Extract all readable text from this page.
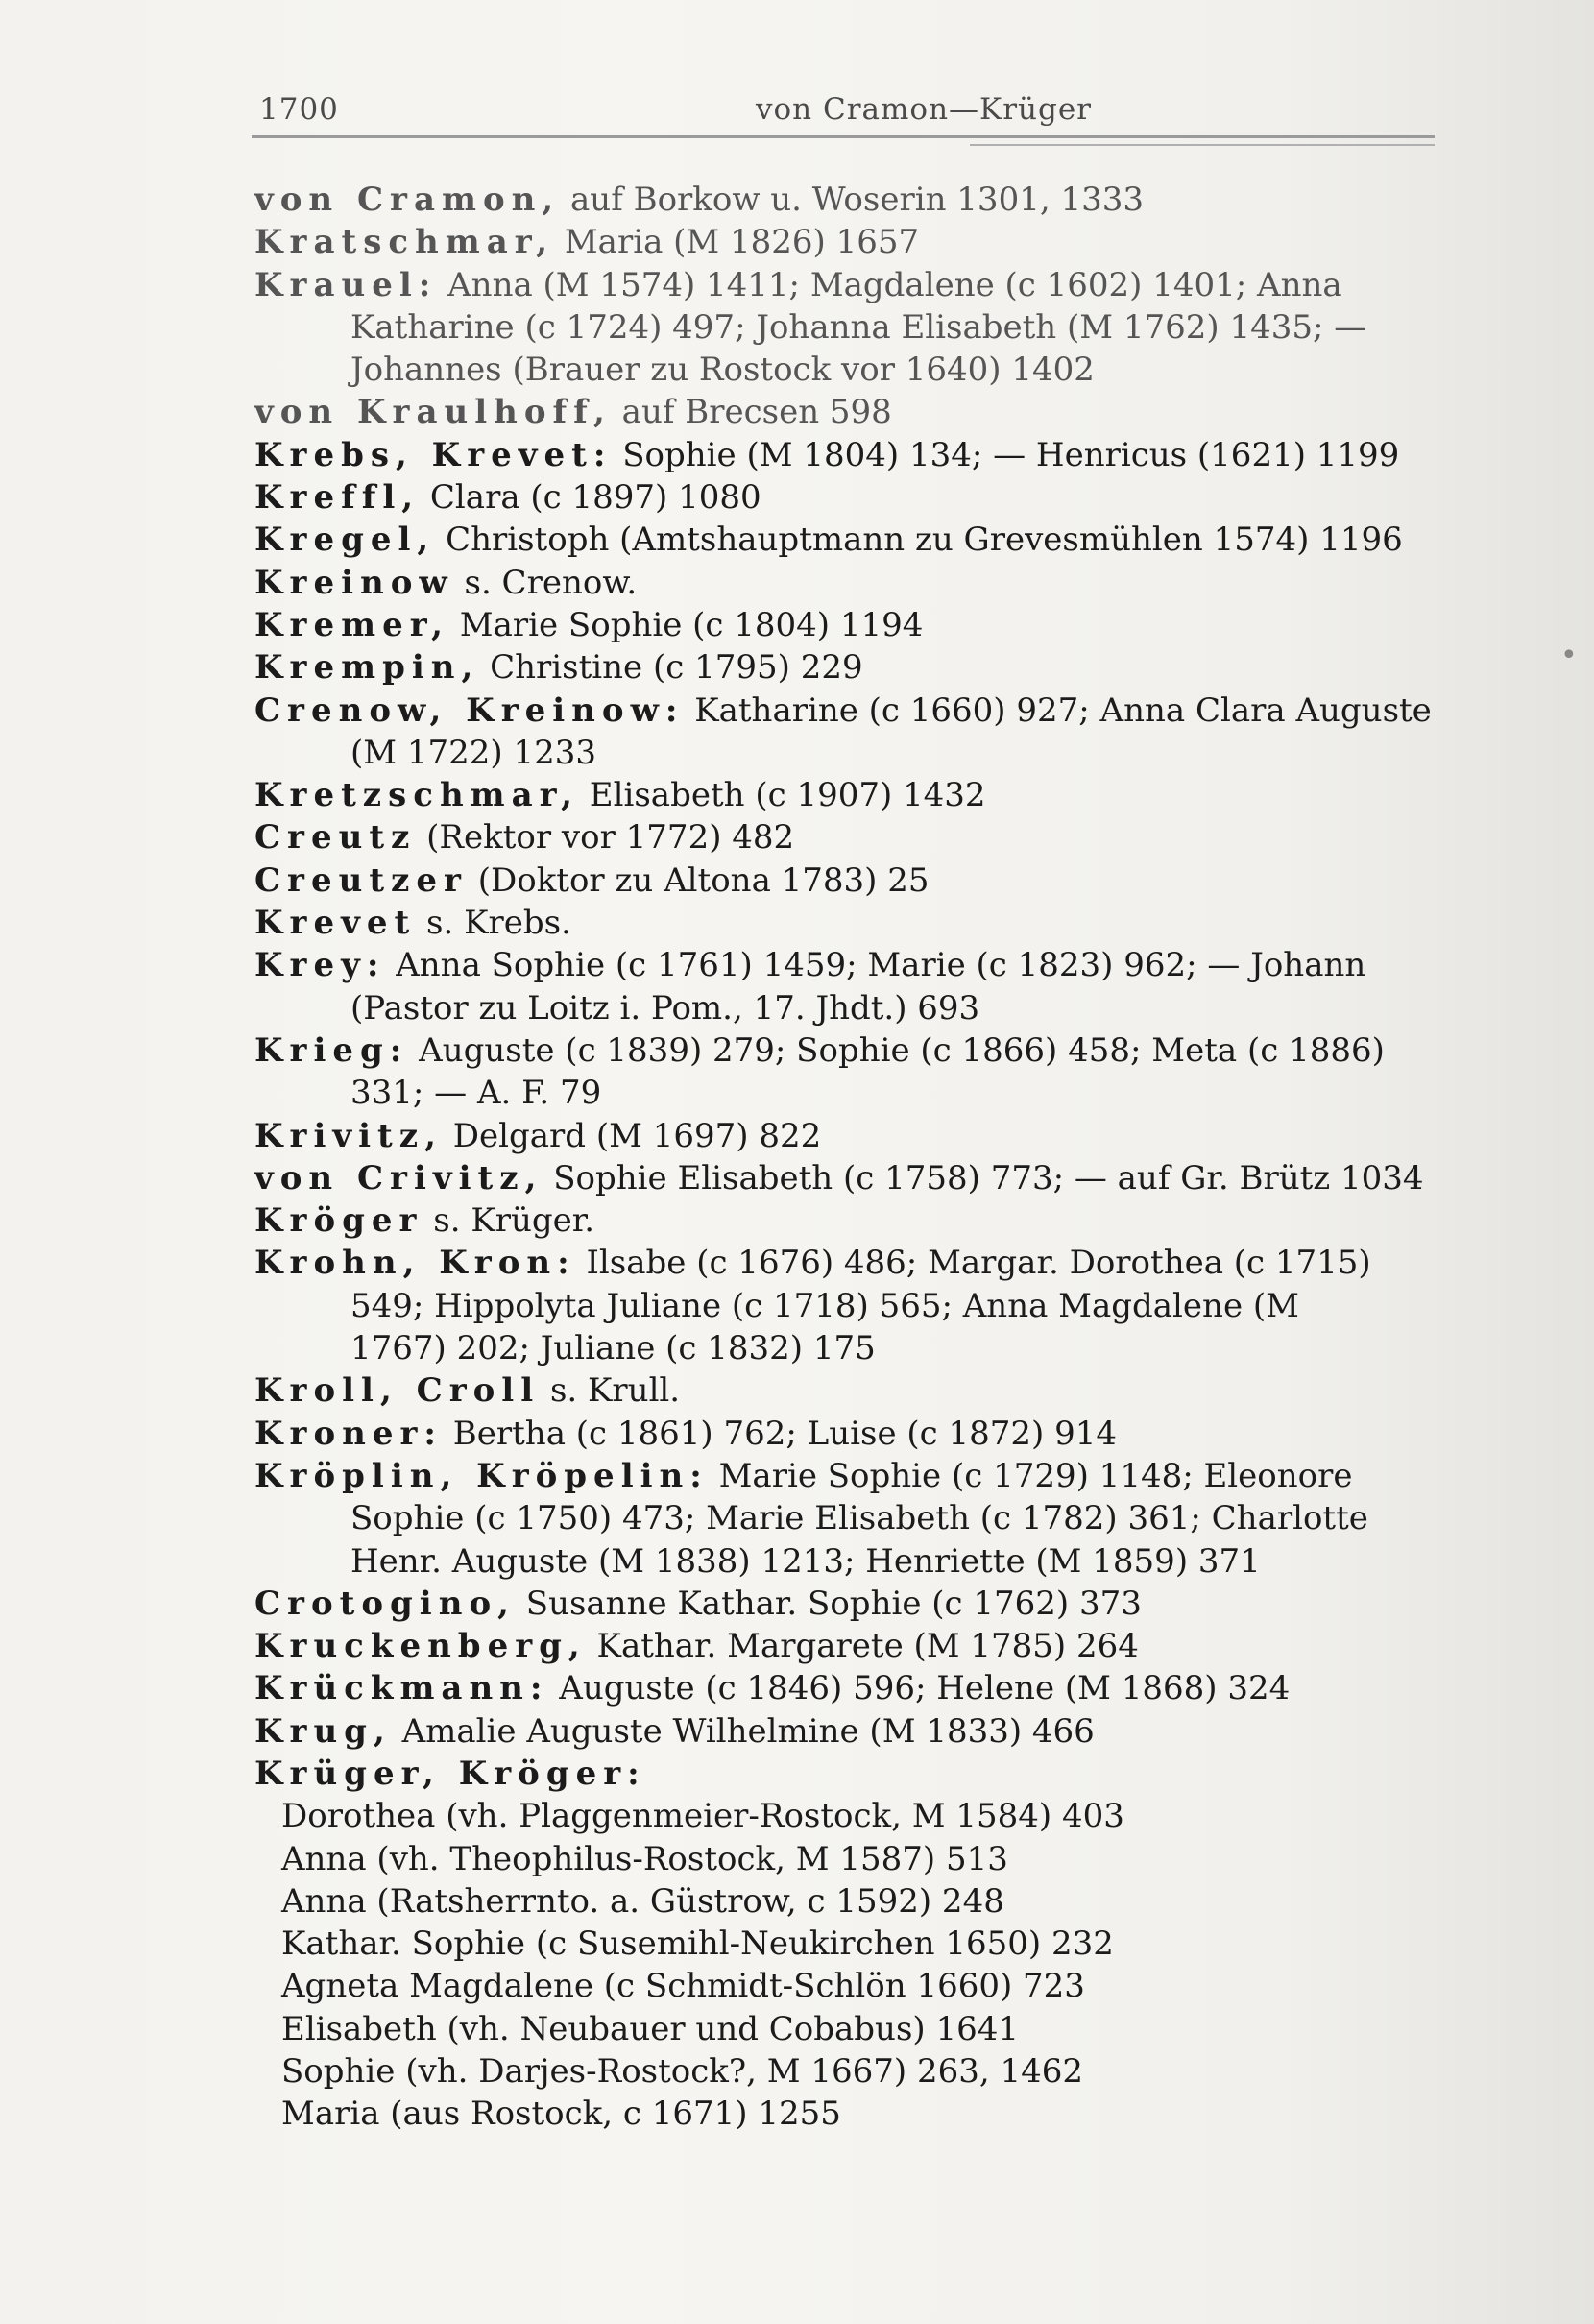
1700	von Cramon—Krüger
von Cramon, auf Borkow u. Woserin 1301, 1333
Kratschmar, Maria (M 1826) 1657
Krauel: Anna (M 1574) 1411; Magdalene (c 1602) 1401; Anna
Katharine (c 1724) 497; Johanna Elisabeth (M 1762) 1435; —
Johannes (Brauer zu Rostock vor 1640) 1402
von Kraulhoff, auf Brecsen 598
Krebs, Krevet: Sophie (M 1804) 134; — Henricus (1621) 1199
Kreffl, Clara (c 1897) 1080
Kregel, Christoph (Amtshauptmann zu Grevesmühlen 1574) 1196
Kreinow s. Crenow.
Kremer, Marie Sophie (c 1804) 1194
Krempin, Christine (c 1795) 229
Crenow, Kreinow: Katharine (c 1660) 927; Anna Clara Auguste
(M 1722) 1233
Kretzschmar, Elisabeth (c 1907) 1432
Creutz (Rektor vor 1772) 482
Creutzer (Doktor zu Altona 1783) 25
Krevet s. Krebs.
Krey: Anna Sophie (c 1761) 1459; Marie (c 1823) 962; — Johann
(Pastor zu Loitz i. Pom., 17. Jhdt.) 693
Krieg: Auguste (c 1839) 279; Sophie (c 1866) 458; Meta (c 1886)
331; — A. F. 79
Krivitz, Delgard (M 1697) 822
von Crivitz, Sophie Elisabeth (c 1758) 773; — auf Gr. Brütz 1034
Kröger s. Krüger.
Krohn, Kron: Ilsabe (c 1676) 486; Margar. Dorothea (c 1715)
549; Hippolyta Juliane (c 1718) 565; Anna Magdalene (M
1767) 202; Juliane (c 1832) 175
Kroll, Croll s. Krull.
Kroner: Bertha (c 1861) 762; Luise (c 1872) 914
Kröplin, Kröpelin: Marie Sophie (c 1729) 1148; Eleonore
Sophie (c 1750) 473; Marie Elisabeth (c 1782) 361; Charlotte
Henr. Auguste (M 1838) 1213; Henriette (M 1859) 371
Crotogino, Susanne Kathar. Sophie (c 1762) 373
Kruckenberg, Kathar. Margarete (M 1785) 264
Krückmann: Auguste (c 1846) 596; Helene (M 1868) 324
Krug, Amalie Auguste Wilhelmine (M 1833) 466
Krüger, Kröger:
Dorothea (vh. Plaggenmeier-Rostock, M 1584) 403
Anna (vh. Theophilus-Rostock, M 1587) 513
Anna (Ratsherrnto. a. Güstrow, c 1592) 248
Kathar. Sophie (c Susemihl-Neukirchen 1650) 232
Agneta Magdalene (c Schmidt-Schlön 1660) 723
Elisabeth (vh. Neubauer und Cobabus) 1641
Sophie (vh. Darjes-Rostock?, M 1667) 263, 1462
Maria (aus Rostock, c 1671) 1255
•
